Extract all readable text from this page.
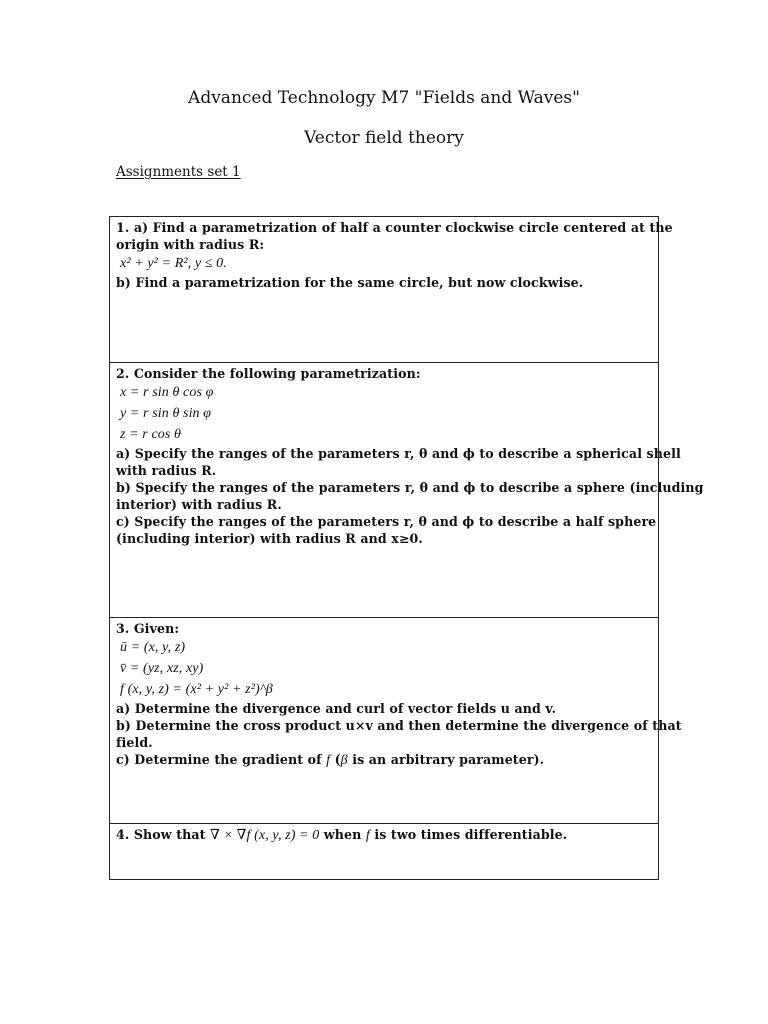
Advanced Technology M7 "Fields and Waves"
Vector field theory
Assignments set 1
1. a) Find a parametrization of half a counter clockwise circle centered at the
origin with radius R:
x² + y² = R², y ≤ 0.
b) Find a parametrization for the same circle, but now clockwise.
2. Consider the following parametrization:
x = r sin θ cos φ
y = r sin θ sin φ
z = r cos θ
a) Specify the ranges of the parameters r, θ and ϕ to describe a spherical shell
with radius R.
b) Specify the ranges of the parameters r, θ and ϕ to describe a sphere (including
interior) with radius R.
c) Specify the ranges of the parameters r, θ and ϕ to describe a half sphere
(including interior) with radius R and x≥0.
3. Given:
ū = (x, y, z)
v̄ = (yz, xz, xy)
f (x, y, z) = (x² + y² + z²)^β
a) Determine the divergence and curl of vector fields u and v.
b) Determine the cross product u×v and then determine the divergence of that
field.
c) Determine the gradient of f (β is an arbitrary parameter).
4. Show that ∇ × ∇f (x, y, z) = 0 when f is two times differentiable.
